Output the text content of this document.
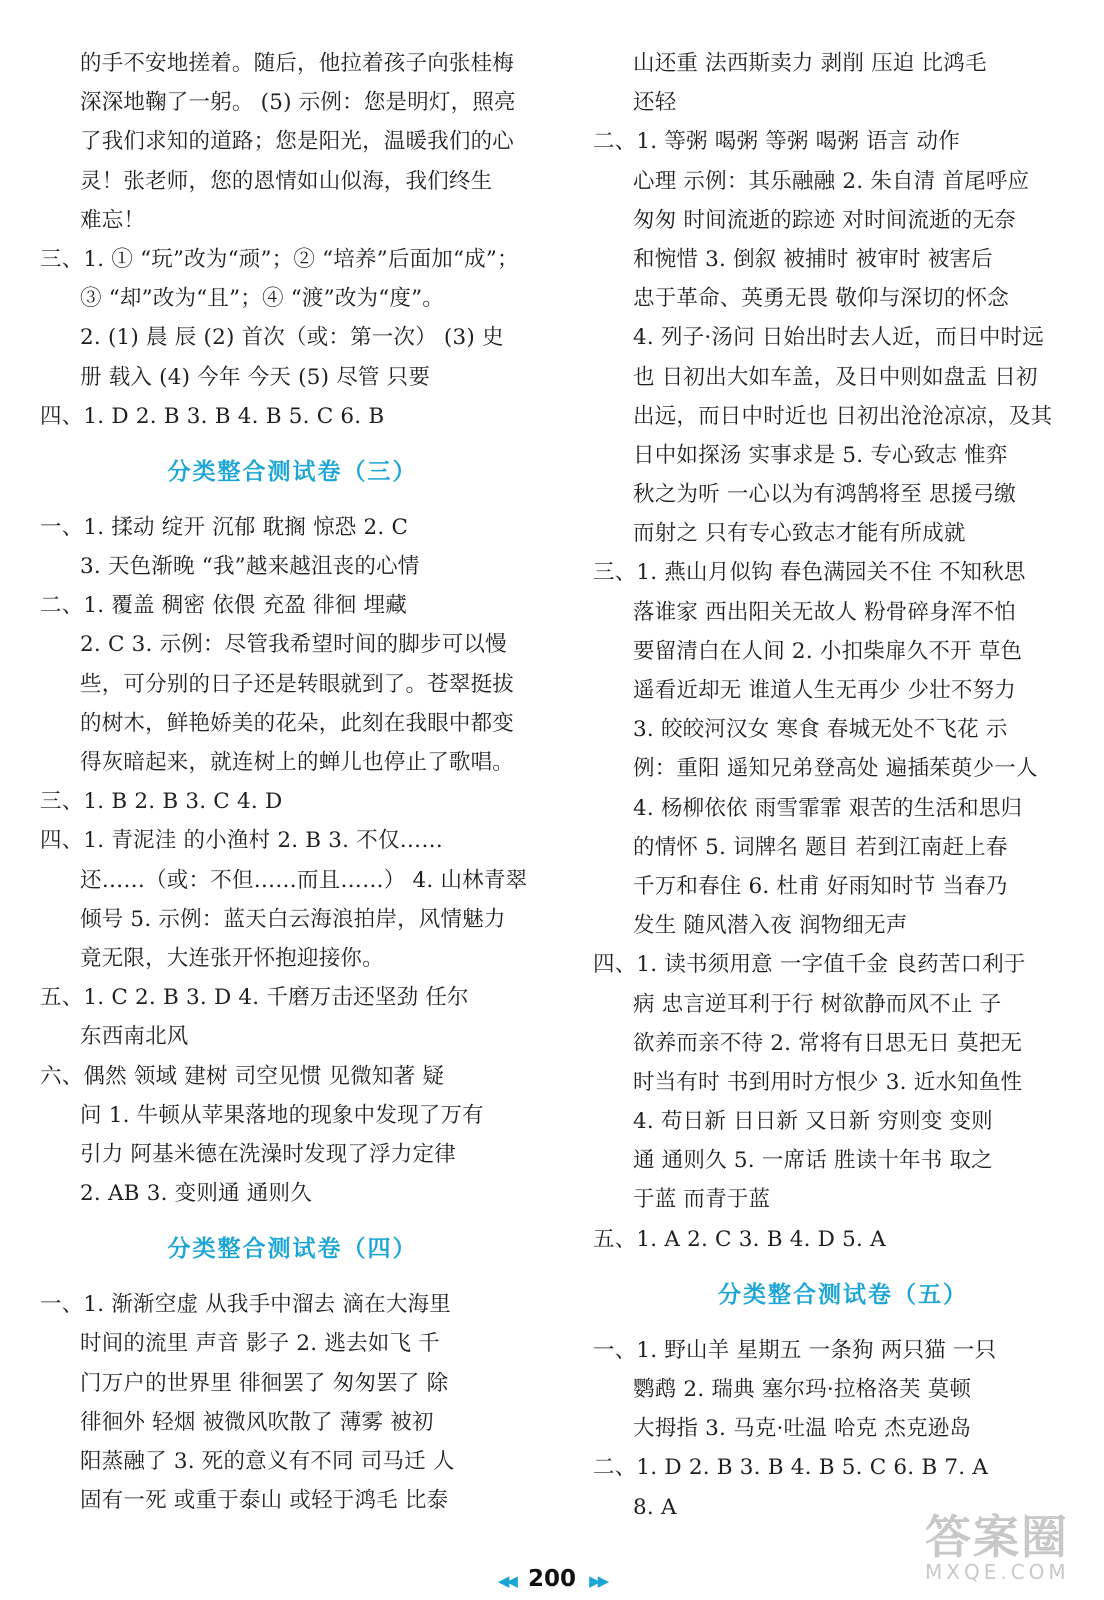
的手不安地搓着。随后，他拉着孩子向张桂梅
深深地鞠了一躬。 (5) 示例：您是明灯，照亮
了我们求知的道路；您是阳光，温暖我们的心
灵！张老师，您的恩情如山似海，我们终生
难忘！
三、1. ① “玩”改为“顽”；② “培养”后面加“成”；
③ “却”改为“且”；④ “渡”改为“度”。
2. (1) 晨 辰 (2) 首次（或：第一次） (3) 史
册 载入 (4) 今年 今天 (5) 尽管 只要
四、1. D 2. B 3. B 4. B 5. C 6. B
分类整合测试卷（三）
一、1. 揉动 绽开 沉郁 耽搁 惊恐 2. C
3. 天色渐晚 “我”越来越沮丧的心情
二、1. 覆盖 稠密 依偎 充盈 徘徊 埋藏
2. C 3. 示例：尽管我希望时间的脚步可以慢
些，可分别的日子还是转眼就到了。苍翠挺拔
的树木，鲜艳娇美的花朵，此刻在我眼中都变
得灰暗起来，就连树上的蝉儿也停止了歌唱。
三、1. B 2. B 3. C 4. D
四、1. 青泥洼 的小渔村 2. B 3. 不仅……
还……（或：不但……而且……） 4. 山林青翠
倾号 5. 示例：蓝天白云海浪拍岸，风情魅力
竟无限，大连张开怀抱迎接你。
五、1. C 2. B 3. D 4. 千磨万击还坚劲 任尔
东西南北风
六、偶然 领域 建树 司空见惯 见微知著 疑
问 1. 牛顿从苹果落地的现象中发现了万有
引力 阿基米德在洗澡时发现了浮力定律
2. AB 3. 变则通 通则久
分类整合测试卷（四）
一、1. 渐渐空虚 从我手中溜去 滴在大海里
时间的流里 声音 影子 2. 逃去如飞 千
门万户的世界里 徘徊罢了 匆匆罢了 除
徘徊外 轻烟 被微风吹散了 薄雾 被初
阳蒸融了 3. 死的意义有不同 司马迁 人
固有一死 或重于泰山 或轻于鸿毛 比泰
山还重 法西斯卖力 剥削 压迫 比鸿毛
还轻
二、1. 等粥 喝粥 等粥 喝粥 语言 动作
心理 示例：其乐融融 2. 朱自清 首尾呼应
匆匆 时间流逝的踪迹 对时间流逝的无奈
和惋惜 3. 倒叙 被捕时 被审时 被害后
忠于革命、英勇无畏 敬仰与深切的怀念
4. 列子·汤问 日始出时去人近，而日中时远
也 日初出大如车盖，及日中则如盘盂 日初
出远，而日中时近也 日初出沧沧凉凉，及其
日中如探汤 实事求是 5. 专心致志 惟弈
秋之为听 一心以为有鸿鹄将至 思援弓缴
而射之 只有专心致志才能有所成就
三、1. 燕山月似钩 春色满园关不住 不知秋思
落谁家 西出阳关无故人 粉骨碎身浑不怕
要留清白在人间 2. 小扣柴扉久不开 草色
遥看近却无 谁道人生无再少 少壮不努力
3. 皎皎河汉女 寒食 春城无处不飞花 示
例：重阳 遥知兄弟登高处 遍插茱萸少一人
4. 杨柳依依 雨雪霏霏 艰苦的生活和思归
的情怀 5. 词牌名 题目 若到江南赶上春
千万和春住 6. 杜甫 好雨知时节 当春乃
发生 随风潜入夜 润物细无声
四、1. 读书须用意 一字值千金 良药苦口利于
病 忠言逆耳利于行 树欲静而风不止 子
欲养而亲不待 2. 常将有日思无日 莫把无
时当有时 书到用时方恨少 3. 近水知鱼性
4. 苟日新 日日新 又日新 穷则变 变则
通 通则久 5. 一席话 胜读十年书 取之
于蓝 而青于蓝
五、1. A 2. C 3. B 4. D 5. A
分类整合测试卷（五）
一、1. 野山羊 星期五 一条狗 两只猫 一只
鹦鹉 2. 瑞典 塞尔玛·拉格洛芙 莫顿
大拇指 3. 马克·吐温 哈克 杰克逊岛
二、1. D 2. B 3. B 4. B 5. C 6. B 7. A
8. A
◀◀ 200 ▶▶
答案圈
MXQE.COM
